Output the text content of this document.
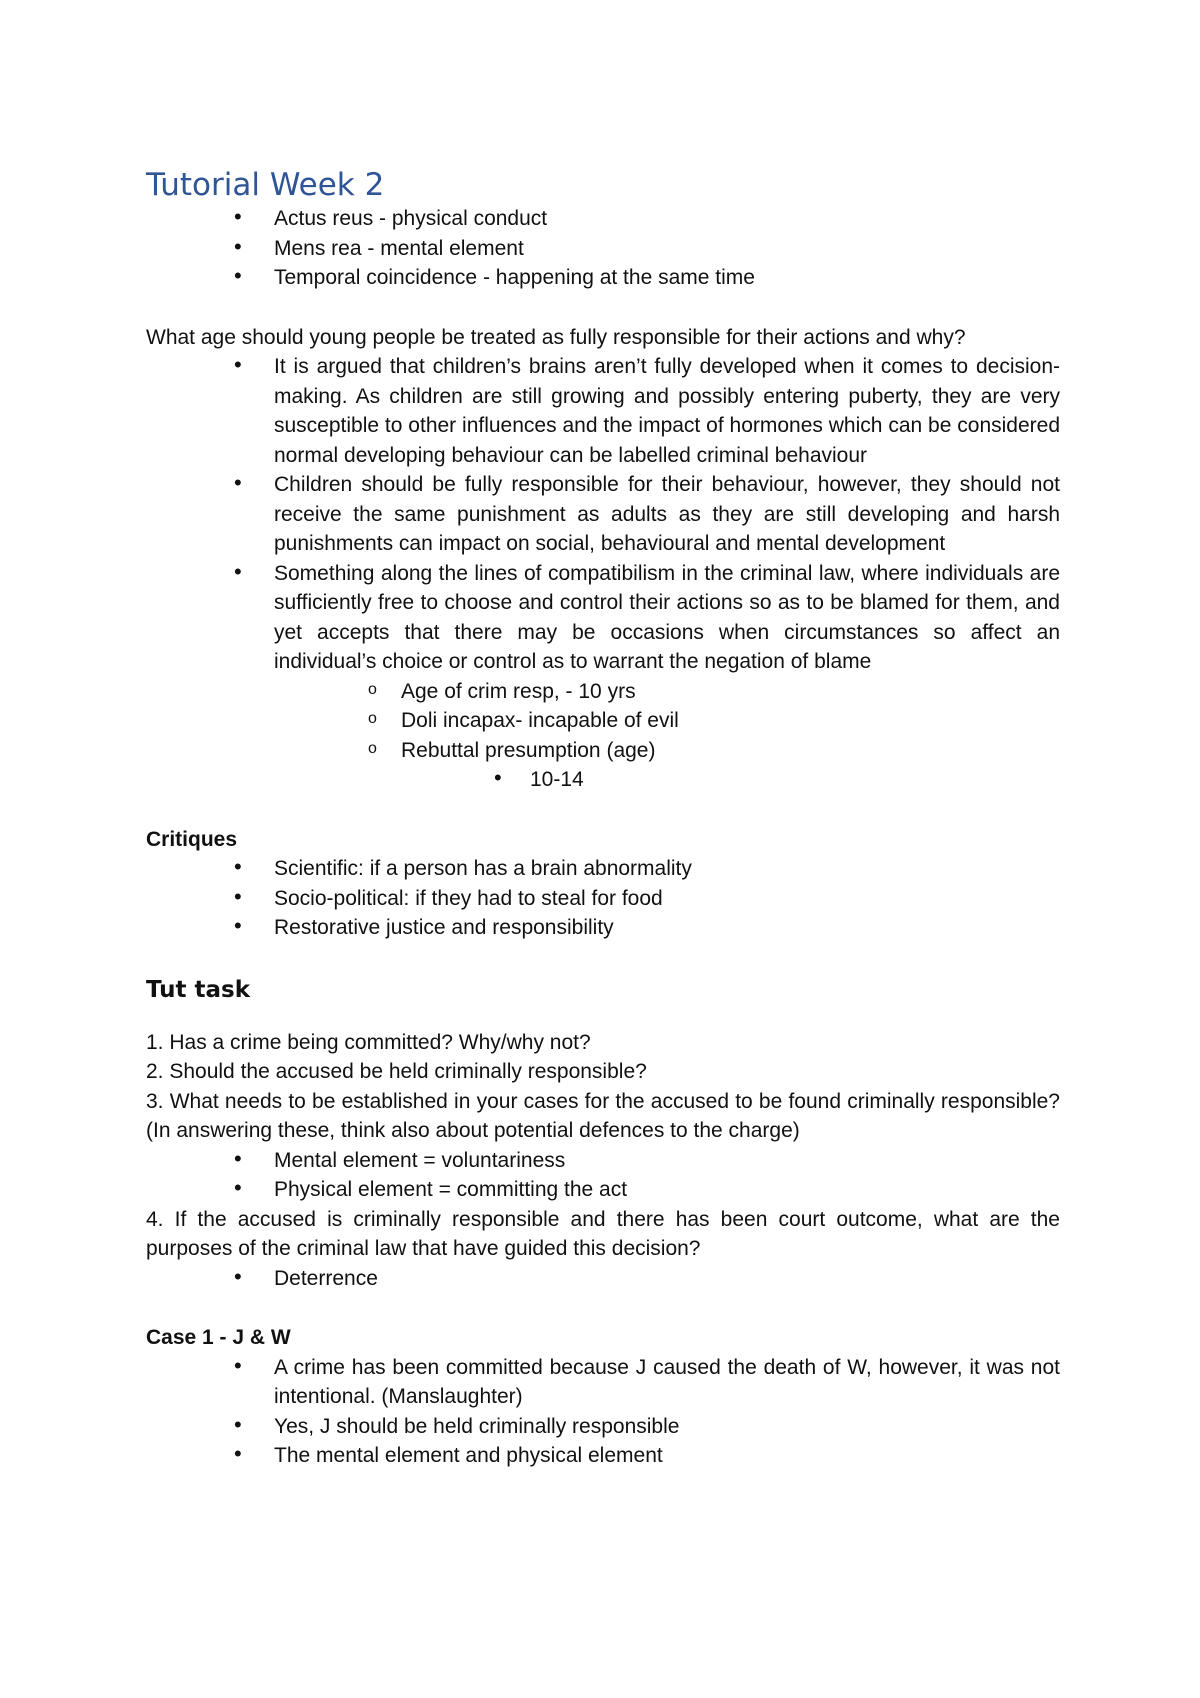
Tutorial Week 2
• Actus reus - physical conduct
• Mens rea - mental element
• Temporal coincidence - happening at the same time

What age should young people be treated as fully responsible for their actions and why?

• It is argued that children’s brains aren’t fully developed when it comes to decision-making. As children are still growing and possibly entering puberty, they are very susceptible to other influences and the impact of hormones which can be considered normal developing behaviour can be labelled criminal behaviour
• Children should be fully responsible for their behaviour, however, they should not receive the same punishment as adults as they are still developing and harsh punishments can impact on social, behavioural and mental development
• Something along the lines of compatibilism in the criminal law, where individuals are sufficiently free to choose and control their actions so as to be blamed for them, and yet accepts that there may be occasions when circumstances so affect an individual’s choice or control as to warrant the negation of blame
o Age of crim resp, - 10 yrs
o Doli incapax- incapable of evil
o Rebuttal presumption (age)
• 10-14

Critiques

• Scientific: if a person has a brain abnormality
• Socio-political: if they had to steal for food
• Restorative justice and responsibility

Tut task

1. Has a crime being committed? Why/why not?

2. Should the accused be held criminally responsible?

3. What needs to be established in your cases for the accused to be found criminally responsible? (In answering these, think also about potential defences to the charge)

• Mental element = voluntariness
• Physical element = committing the act

4. If the accused is criminally responsible and there has been court outcome, what are the purposes of the criminal law that have guided this decision?

• Deterrence

Case 1 - J & W

• A crime has been committed because J caused the death of W, however, it was not intentional. (Manslaughter)
• Yes, J should be held criminally responsible
• The mental element and physical element
